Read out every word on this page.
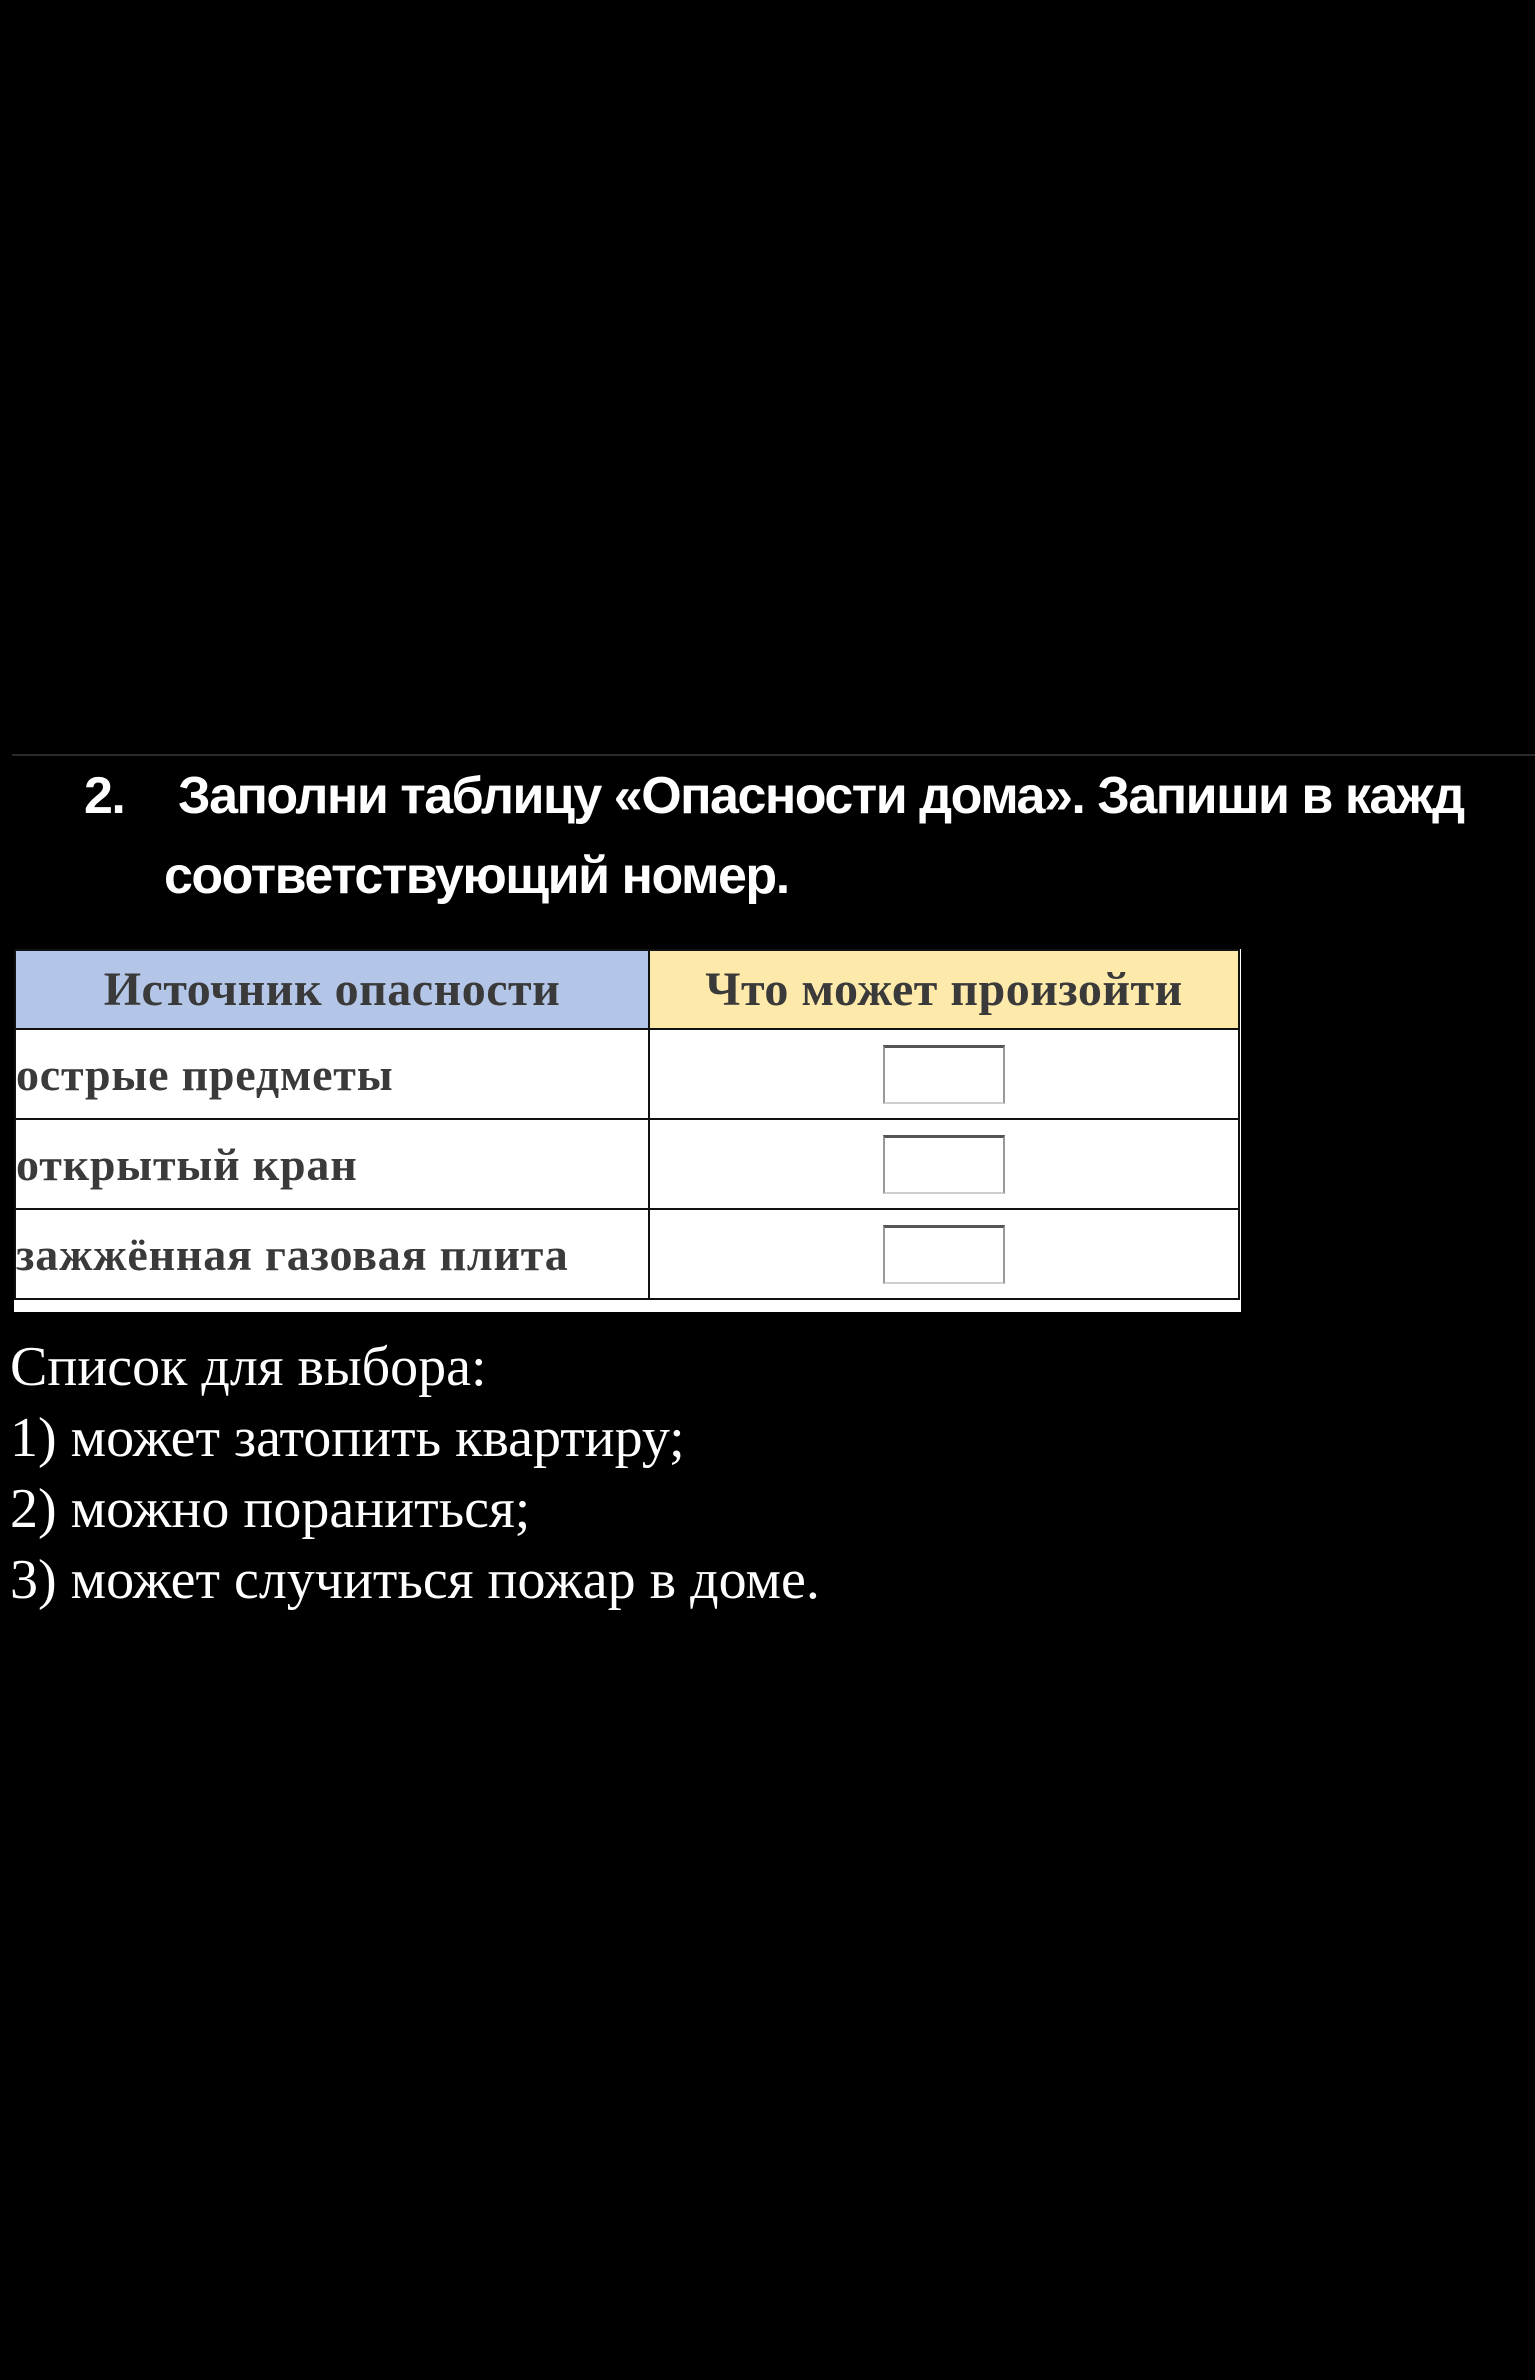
2. Заполни таблицу «Опасности дома». Запиши в кажд
соответствующий номер.
Источник опасности	Что может произойти
острые предметы	
открытый кран	
зажжённая газовая плита	
Список для выбора:
1) может затопить квартиру;
2) можно пораниться;
3) может случиться пожар в доме.
